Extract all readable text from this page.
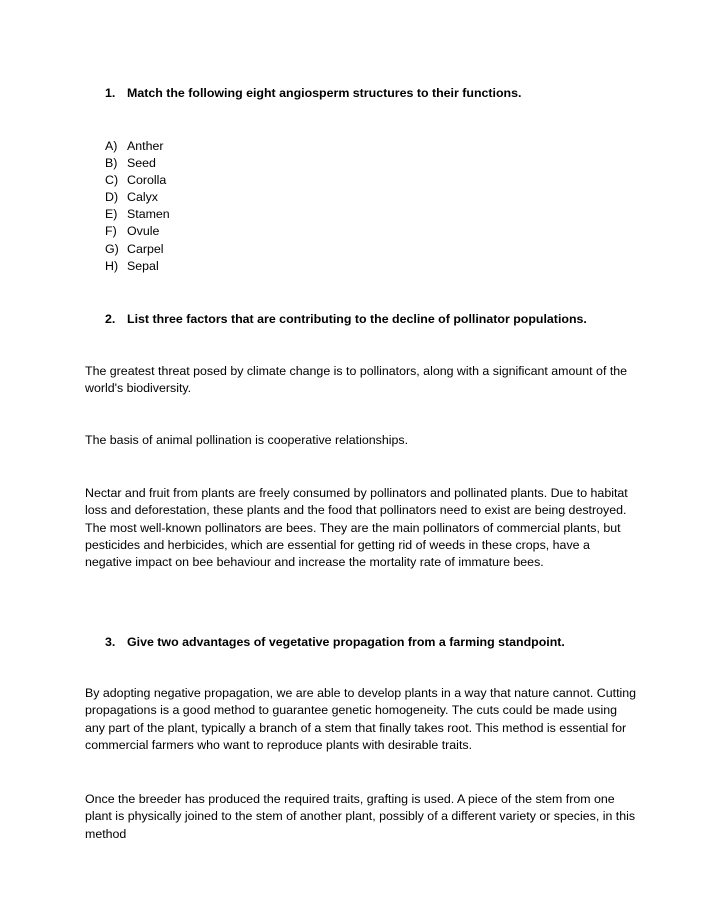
1. Match the following eight angiosperm structures to their functions.

A) Anther
B) Seed
C) Corolla
D) Calyx
E) Stamen
F) Ovule
G) Carpel
H) Sepal

2. List three factors that are contributing to the decline of pollinator populations.

The greatest threat posed by climate change is to pollinators, along with a significant amount of the world's biodiversity.

The basis of animal pollination is cooperative relationships.

Nectar and fruit from plants are freely consumed by pollinators and pollinated plants. Due to habitat loss and deforestation, these plants and the food that pollinators need to exist are being destroyed. The most well-known pollinators are bees. They are the main pollinators of commercial plants, but pesticides and herbicides, which are essential for getting rid of weeds in these crops, have a negative impact on bee behaviour and increase the mortality rate of immature bees.

3. Give two advantages of vegetative propagation from a farming standpoint.

By adopting negative propagation, we are able to develop plants in a way that nature cannot. Cutting propagations is a good method to guarantee genetic homogeneity. The cuts could be made using any part of the plant, typically a branch of a stem that finally takes root. This method is essential for commercial farmers who want to reproduce plants with desirable traits.

Once the breeder has produced the required traits, grafting is used. A piece of the stem from one plant is physically joined to the stem of another plant, possibly of a different variety or species, in this method
